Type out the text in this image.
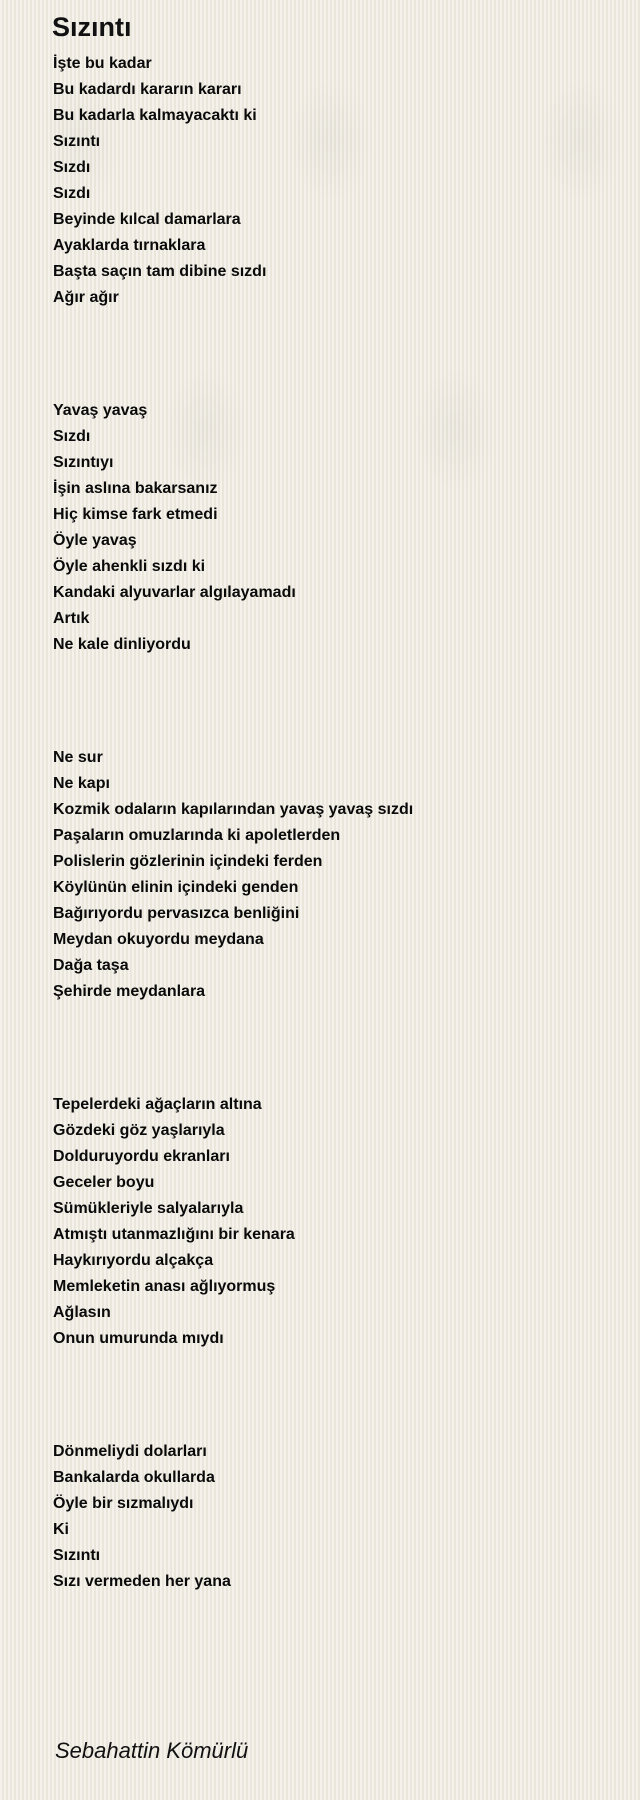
Sızıntı
İşte bu kadar
Bu kadardı kararın kararı
Bu kadarla kalmayacaktı ki
Sızıntı
Sızdı
Sızdı
Beyinde kılcal damarlara
Ayaklarda tırnaklara
Başta saçın tam dibine sızdı
Ağır ağır
Yavaş yavaş
Sızdı
Sızıntıyı
İşin aslına bakarsanız
Hiç kimse fark etmedi
Öyle yavaş
Öyle ahenkli sızdı ki
Kandaki alyuvarlar algılayamadı
Artık
Ne kale dinliyordu
Ne sur
Ne kapı
Kozmik odaların kapılarından yavaş yavaş sızdı
Paşaların omuzlarında ki apoletlerden
Polislerin gözlerinin içindeki ferden
Köylünün elinin içindeki genden
Bağırıyordu pervasızca benliğini
Meydan okuyordu meydana
Dağa taşa
Şehirde meydanlara
Tepelerdeki ağaçların altına
Gözdeki göz yaşlarıyla
Dolduruyordu ekranları
Geceler boyu
Sümükleriyle salyalarıyla
Atmıştı utanmazlığını bir kenara
Haykırıyordu alçakça
Memleketin anası ağlıyormuş
Ağlasın
Onun umurunda mıydı
Dönmeliydi dolarları
Bankalarda okullarda
Öyle bir sızmalıydı
Ki
Sızıntı
Sızı vermeden her yana
Sebahattin Kömürlü
